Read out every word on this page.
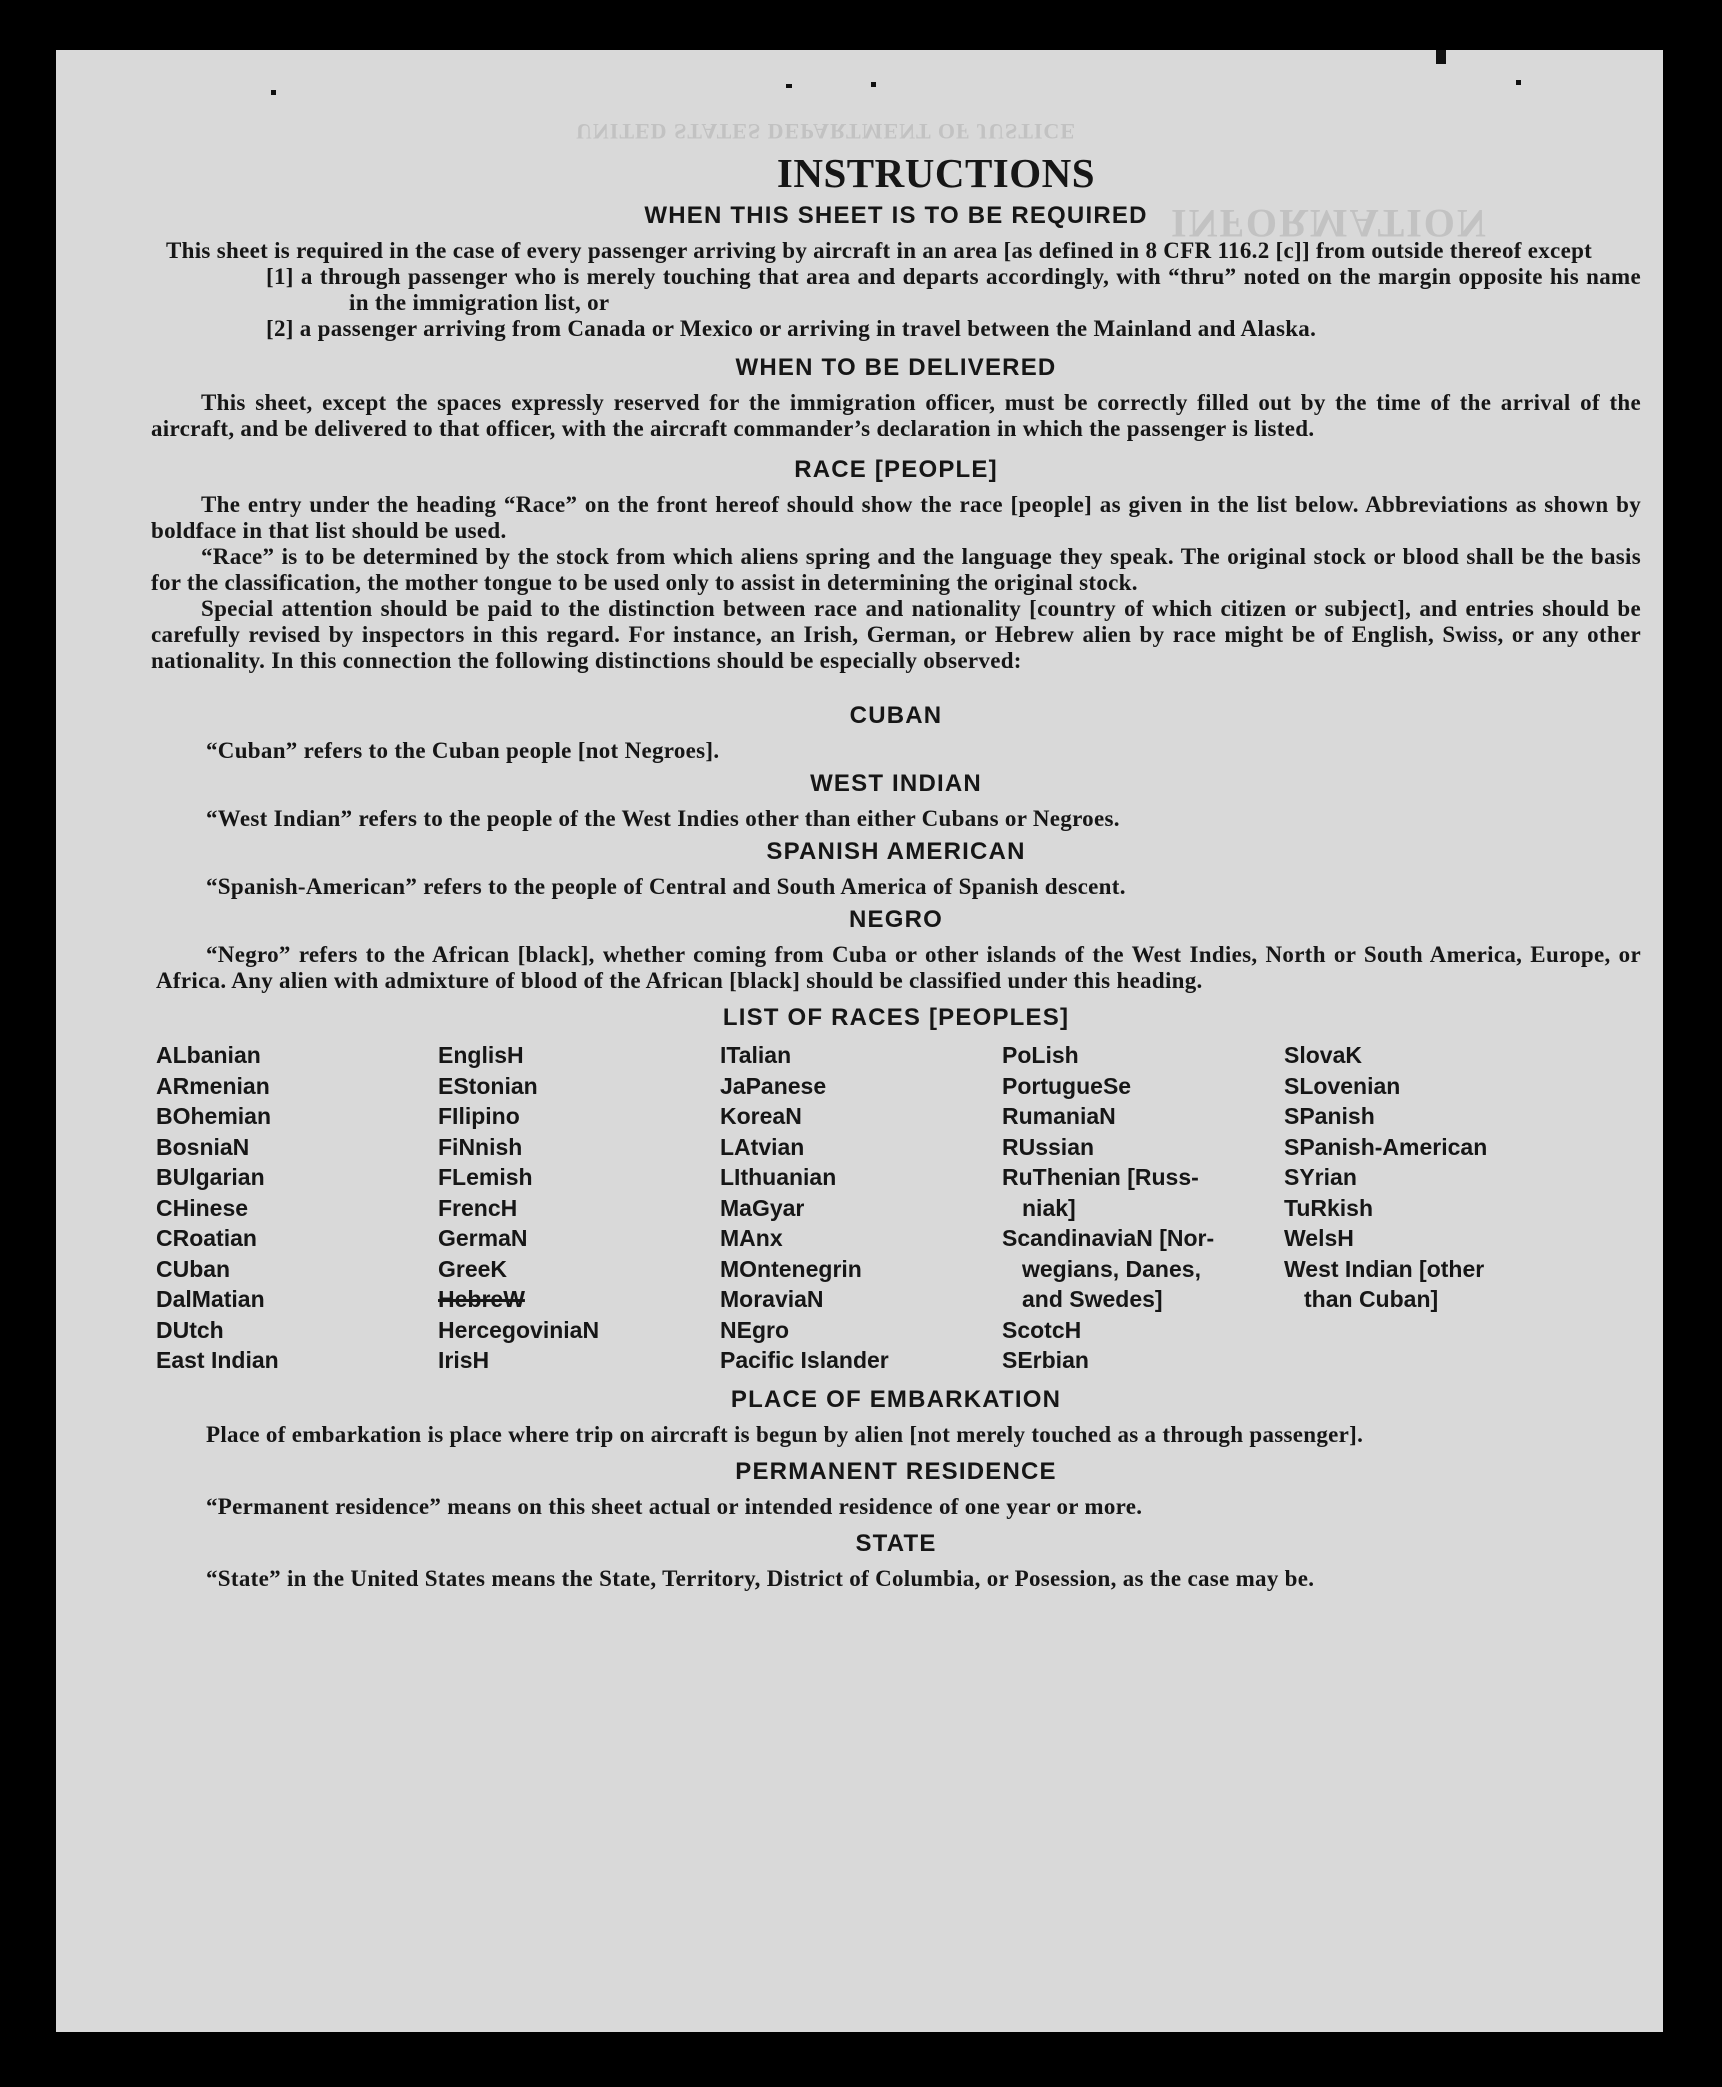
UNITED STATES DEPARTMENT OF JUSTICE
INFORMATION
INSTRUCTIONS
WHEN THIS SHEET IS TO BE REQUIRED

This sheet is required in the case of every passenger arriving by aircraft in an area [as defined in 8 CFR 116.2 [c]] from outside thereof except

[1] a through passenger who is merely touching that area and departs accordingly, with “thru” noted on the margin opposite his name in the immigration list, or

[2] a passenger arriving from Canada or Mexico or arriving in travel between the Mainland and Alaska.

WHEN TO BE DELIVERED

This sheet, except the spaces expressly reserved for the immigration officer, must be correctly filled out by the time of the arrival of the aircraft, and be delivered to that officer, with the aircraft commander’s declaration in which the passenger is listed.

RACE [PEOPLE]

The entry under the heading “Race” on the front hereof should show the race [people] as given in the list below. Abbreviations as shown by boldface in that list should be used.

“Race” is to be determined by the stock from which aliens spring and the language they speak. The original stock or blood shall be the basis for the classification, the mother tongue to be used only to assist in determining the original stock.

Special attention should be paid to the distinction between race and nationality [country of which citizen or subject], and entries should be carefully revised by inspectors in this regard. For instance, an Irish, German, or Hebrew alien by race might be of English, Swiss, or any other nationality. In this connection the following distinctions should be especially observed:

CUBAN

“Cuban” refers to the Cuban people [not Negroes].

WEST INDIAN

“West Indian” refers to the people of the West Indies other than either Cubans or Negroes.

SPANISH AMERICAN

“Spanish-American” refers to the people of Central and South America of Spanish descent.

NEGRO

“Negro” refers to the African [black], whether coming from Cuba or other islands of the West Indies, North or South America, Europe, or Africa. Any alien with admixture of blood of the African [black] should be classified under this heading.

LIST OF RACES [PEOPLES]
ALbanian
ARmenian
BOhemian
BosniaN
BUlgarian
CHinese
CRoatian
CUban
DalMatian
DUtch
East Indian
EnglisH
EStonian
FIlipino
FiNnish
FLemish
FrencH
GermaN
GreeK
HebreW
HercegoviniaN
IrisH
ITalian
JaPanese
KoreaN
LAtvian
LIthuanian
MaGyar
MAnx
MOntenegrin
MoraviaN
NEgro
Pacific Islander
PoLish
PortugueSe
RumaniaN
RUssian
RuThenian [Russ-
niak]
ScandinaviaN [Nor-
wegians, Danes,
and Swedes]
ScotcH
SErbian
SlovaK
SLovenian
SPanish
SPanish-American
SYrian
TuRkish
WelsH
West Indian [other
than Cuban]
PLACE OF EMBARKATION

Place of embarkation is place where trip on aircraft is begun by alien [not merely touched as a through passenger].

PERMANENT RESIDENCE

“Permanent residence” means on this sheet actual or intended residence of one year or more.

STATE

“State” in the United States means the State, Territory, District of Columbia, or Posession, as the case may be.
